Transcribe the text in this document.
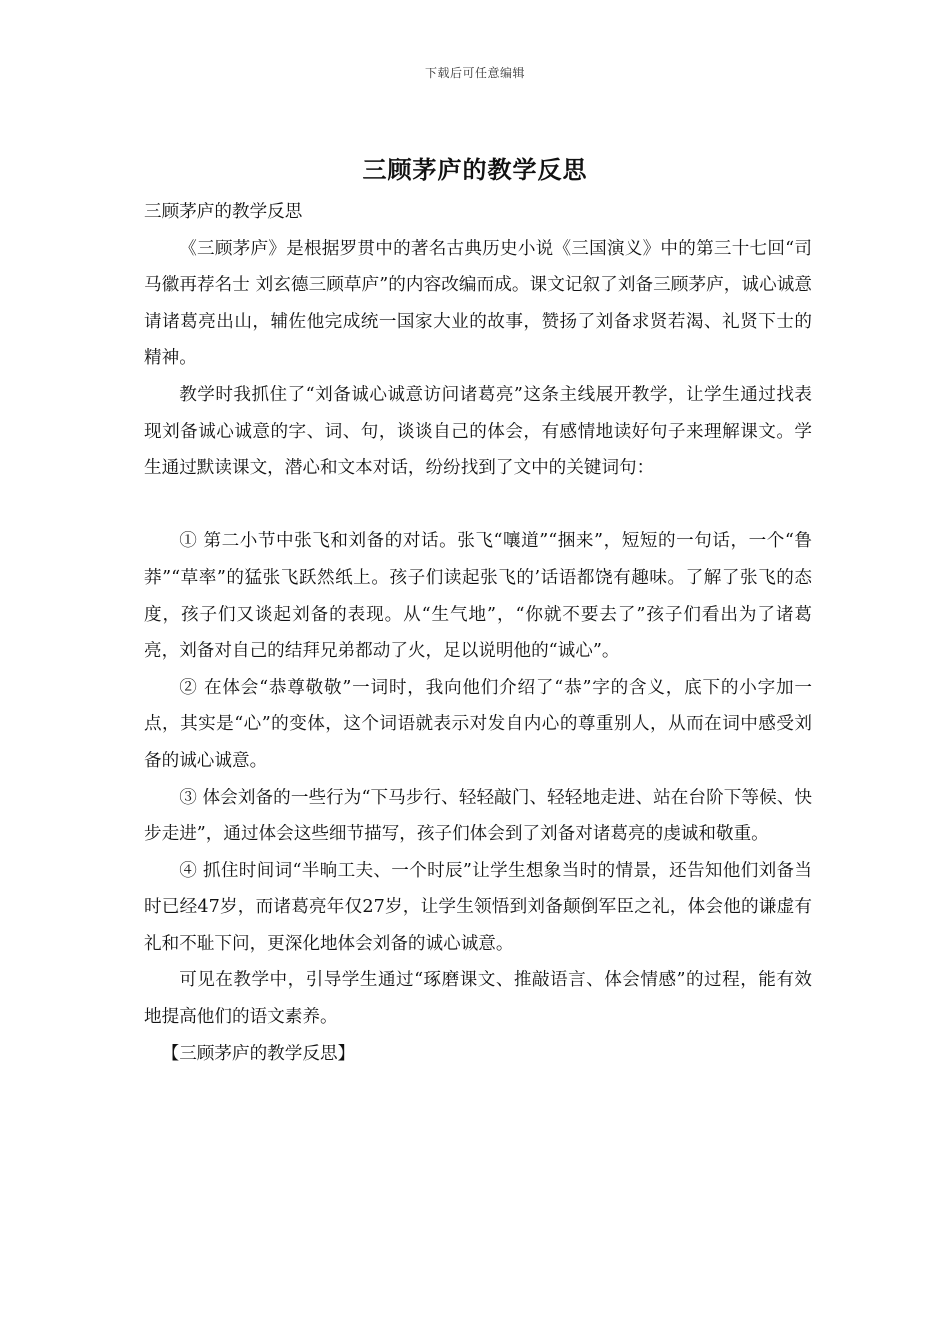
下载后可任意编辑
三顾茅庐的教学反思

三顾茅庐的教学反思

《三顾茅庐》是根据罗贯中的著名古典历史小说《三国演义》中的第三十七回“司马徽再荐名士 刘玄德三顾草庐”的内容改编而成。课文记叙了刘备三顾茅庐，诚心诚意请诸葛亮出山，辅佐他完成统一国家大业的故事，赞扬了刘备求贤若渴、礼贤下士的精神。

教学时我抓住了“刘备诚心诚意访问诸葛亮”这条主线展开教学，让学生通过找表现刘备诚心诚意的字、词、句，谈谈自己的体会，有感情地读好句子来理解课文。学生通过默读课文，潜心和文本对话，纷纷找到了文中的关键词句：

① 第二小节中张飞和刘备的对话。张飞“嚷道”“捆来”，短短的一句话，一个“鲁莽”“草率”的猛张飞跃然纸上。孩子们读起张飞的’话语都饶有趣味。了解了张飞的态度，孩子们又谈起刘备的表现。从“生气地”，“你就不要去了”孩子们看出为了诸葛亮，刘备对自己的结拜兄弟都动了火，足以说明他的“诚心”。

② 在体会“恭尊敬敬”一词时，我向他们介绍了“恭”字的含义，底下的小字加一点，其实是“心”的变体，这个词语就表示对发自内心的尊重别人，从而在词中感受刘备的诚心诚意。

③ 体会刘备的一些行为“下马步行、轻轻敲门、轻轻地走进、站在台阶下等候、快步走进”，通过体会这些细节描写，孩子们体会到了刘备对诸葛亮的虔诚和敬重。

④ 抓住时间词“半晌工夫、一个时辰”让学生想象当时的情景，还告知他们刘备当时已经47岁，而诸葛亮年仅27岁，让学生领悟到刘备颠倒军臣之礼，体会他的谦虚有礼和不耻下问，更深化地体会刘备的诚心诚意。

可见在教学中，引导学生通过“琢磨课文、推敲语言、体会情感”的过程，能有效地提高他们的语文素养。

【三顾茅庐的教学反思】
